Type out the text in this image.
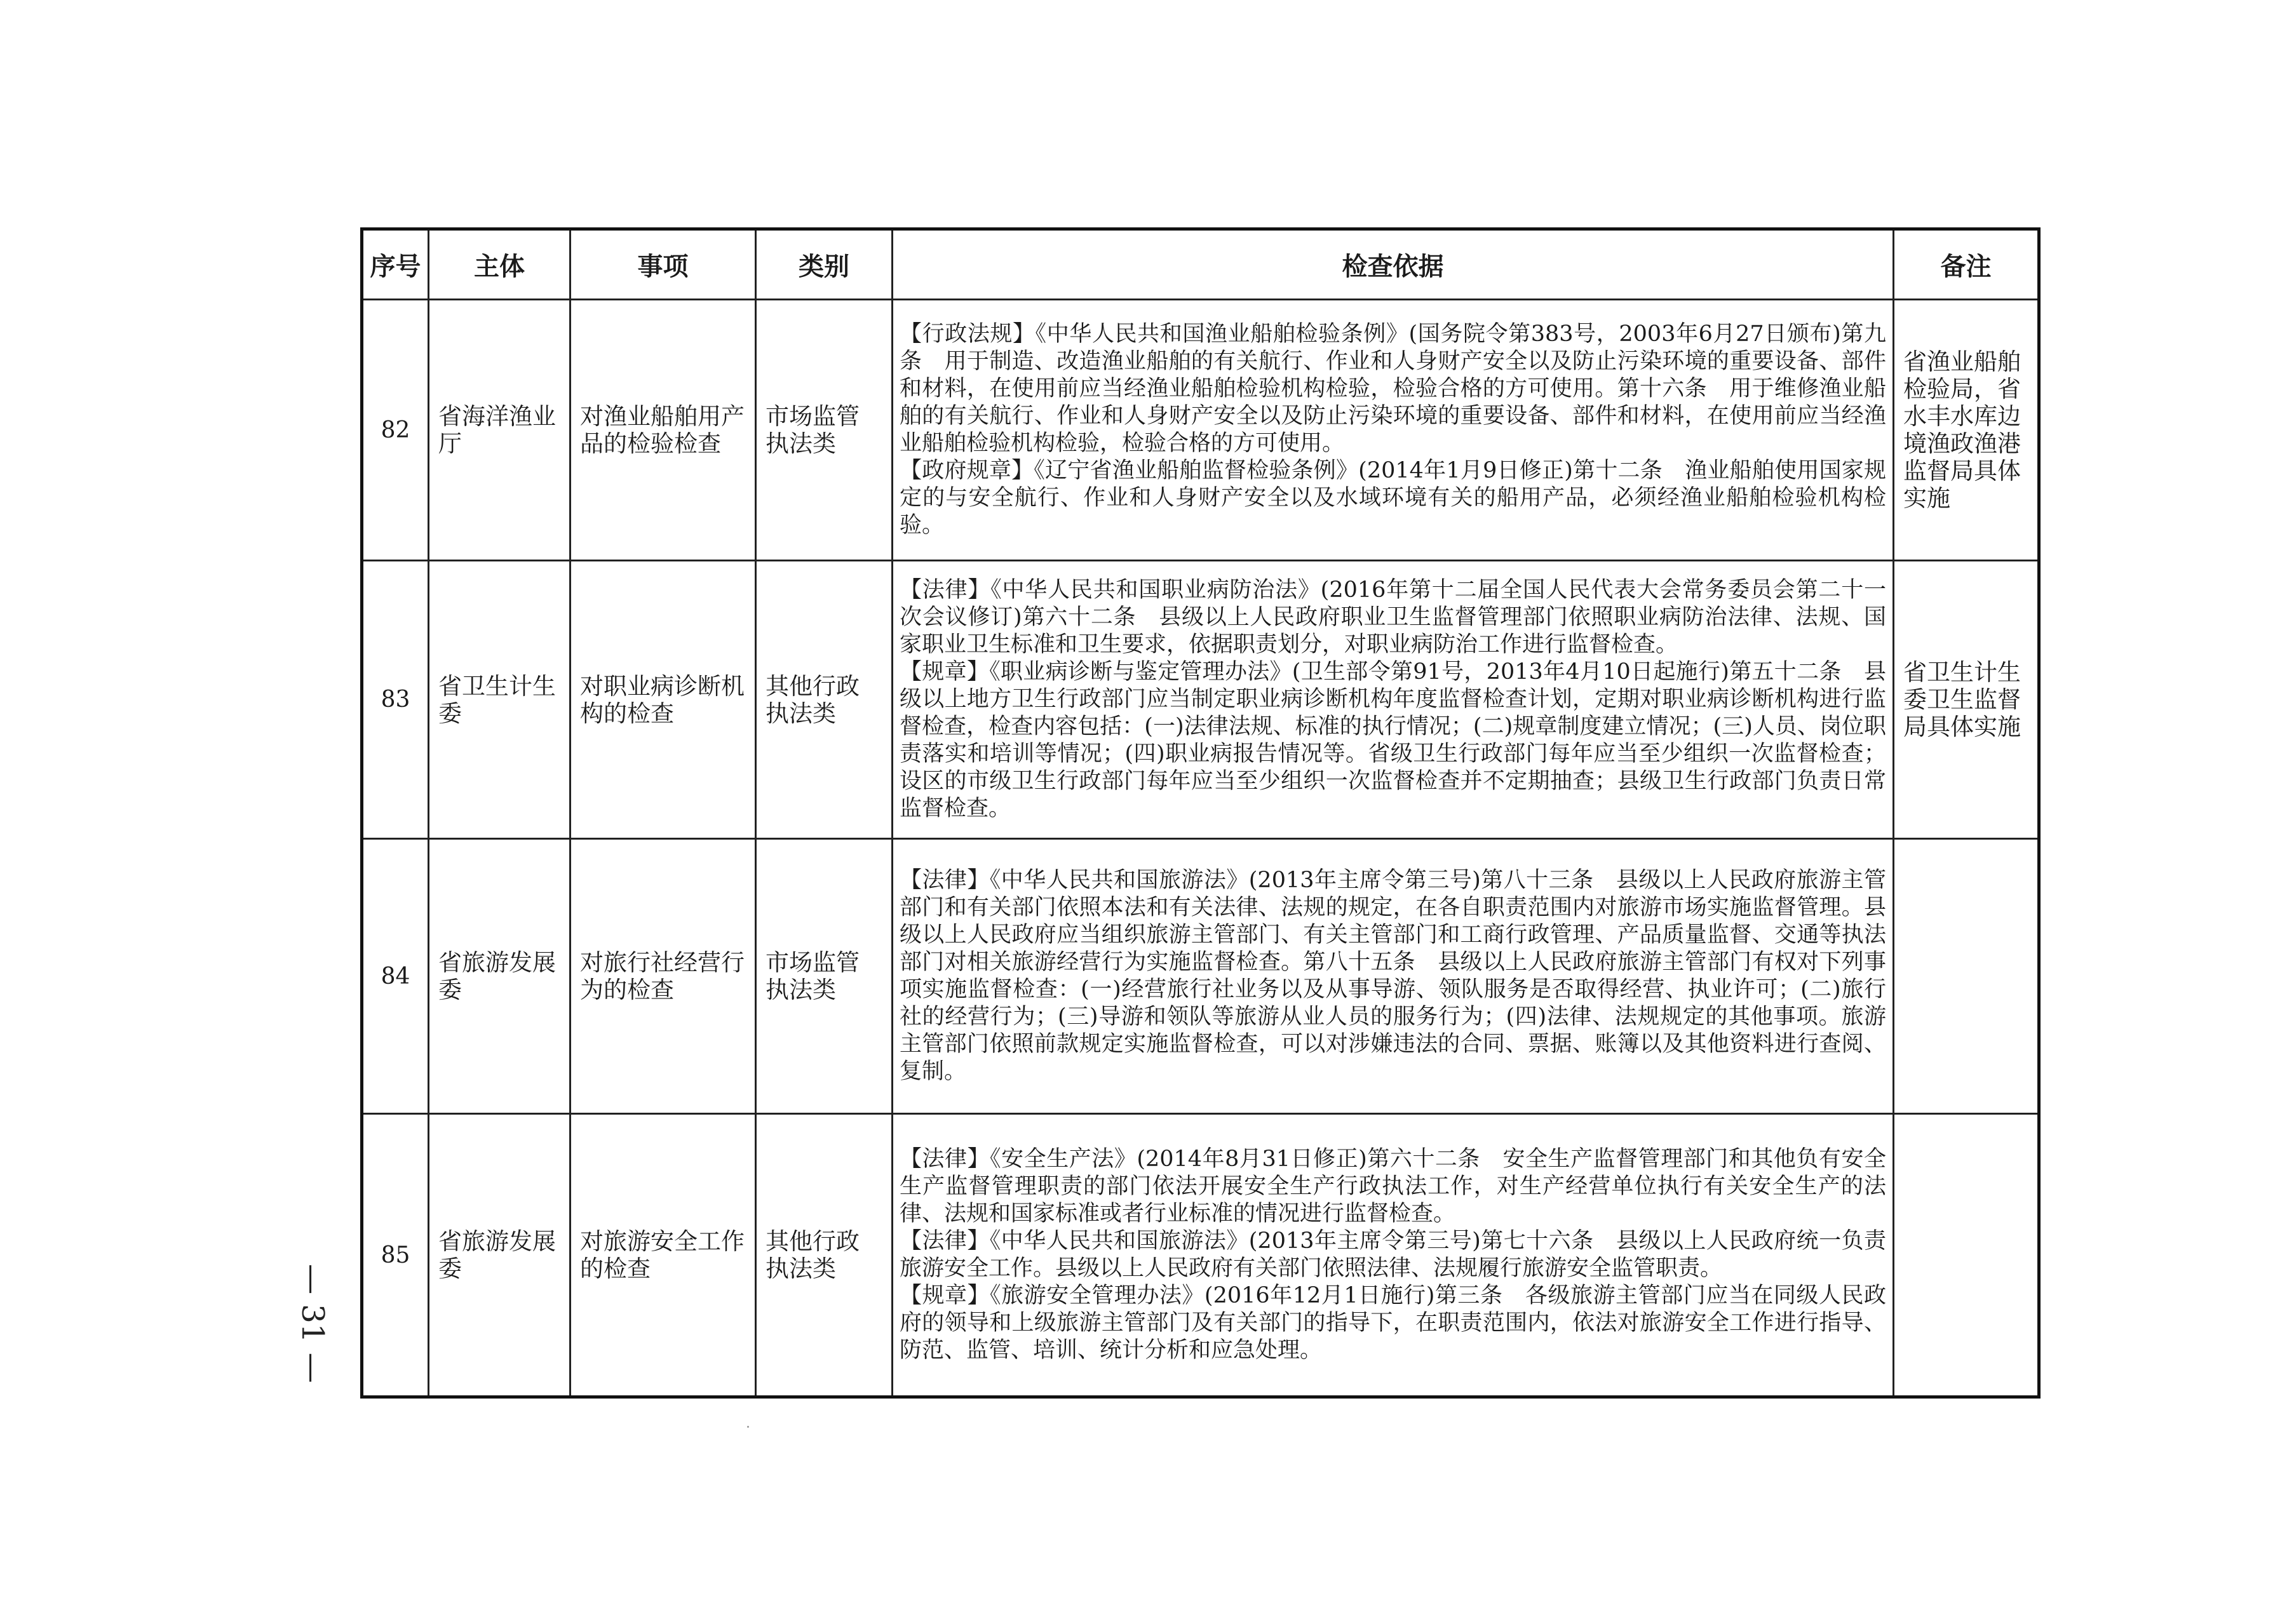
序号	主体	事项	类别	检查依据	备注
82	省海洋渔业厅	对渔业船舶用产品的检验检查	市场监管执法类	【行政法规】《中华人民共和国渔业船舶检验条例》(国务院令第383号，2003年6月27日颁布)第九条　用于制造、改造渔业船舶的有关航行、作业和人身财产安全以及防止污染环境的重要设备、部件和材料，在使用前应当经渔业船舶检验机构检验，检验合格的方可使用。第十六条　用于维修渔业船舶的有关航行、作业和人身财产安全以及防止污染环境的重要设备、部件和材料，在使用前应当经渔业船舶检验机构检验，检验合格的方可使用。

【政府规章】《辽宁省渔业船舶监督检验条例》(2014年1月9日修正)第十二条　渔业船舶使用国家规定的与安全航行、作业和人身财产安全以及水域环境有关的船用产品，必须经渔业船舶检验机构检验。	省渔业船舶检验局，省水丰水库边境渔政渔港监督局具体实施
83	省卫生计生委	对职业病诊断机构的检查	其他行政执法类	【法律】《中华人民共和国职业病防治法》(2016年第十二届全国人民代表大会常务委员会第二十一次会议修订)第六十二条　县级以上人民政府职业卫生监督管理部门依照职业病防治法律、法规、国家职业卫生标准和卫生要求，依据职责划分，对职业病防治工作进行监督检查。

【规章】《职业病诊断与鉴定管理办法》(卫生部令第91号，2013年4月10日起施行)第五十二条　县级以上地方卫生行政部门应当制定职业病诊断机构年度监督检查计划，定期对职业病诊断机构进行监督检查，检查内容包括：(一)法律法规、标准的执行情况；(二)规章制度建立情况；(三)人员、岗位职责落实和培训等情况；(四)职业病报告情况等。省级卫生行政部门每年应当至少组织一次监督检查；设区的市级卫生行政部门每年应当至少组织一次监督检查并不定期抽查；县级卫生行政部门负责日常监督检查。	省卫生计生委卫生监督局具体实施
84	省旅游发展委	对旅行社经营行为的检查	市场监管执法类	【法律】《中华人民共和国旅游法》(2013年主席令第三号)第八十三条　县级以上人民政府旅游主管部门和有关部门依照本法和有关法律、法规的规定，在各自职责范围内对旅游市场实施监督管理。县级以上人民政府应当组织旅游主管部门、有关主管部门和工商行政管理、产品质量监督、交通等执法部门对相关旅游经营行为实施监督检查。第八十五条　县级以上人民政府旅游主管部门有权对下列事项实施监督检查：(一)经营旅行社业务以及从事导游、领队服务是否取得经营、执业许可；(二)旅行社的经营行为；(三)导游和领队等旅游从业人员的服务行为；(四)法律、法规规定的其他事项。旅游主管部门依照前款规定实施监督检查，可以对涉嫌违法的合同、票据、账簿以及其他资料进行查阅、复制。	

85	省旅游发展委	对旅游安全工作的检查	其他行政执法类	【法律】《安全生产法》(2014年8月31日修正)第六十二条　安全生产监督管理部门和其他负有安全生产监督管理职责的部门依法开展安全生产行政执法工作，对生产经营单位执行有关安全生产的法律、法规和国家标准或者行业标准的情况进行监督检查。

【法律】《中华人民共和国旅游法》(2013年主席令第三号)第七十六条　县级以上人民政府统一负责旅游安全工作。县级以上人民政府有关部门依照法律、法规履行旅游安全监管职责。

【规章】《旅游安全管理办法》(2016年12月1日施行)第三条　各级旅游主管部门应当在同级人民政府的领导和上级旅游主管部门及有关部门的指导下，在职责范围内，依法对旅游安全工作进行指导、防范、监管、培训、统计分析和应急处理。	

— 31 —
